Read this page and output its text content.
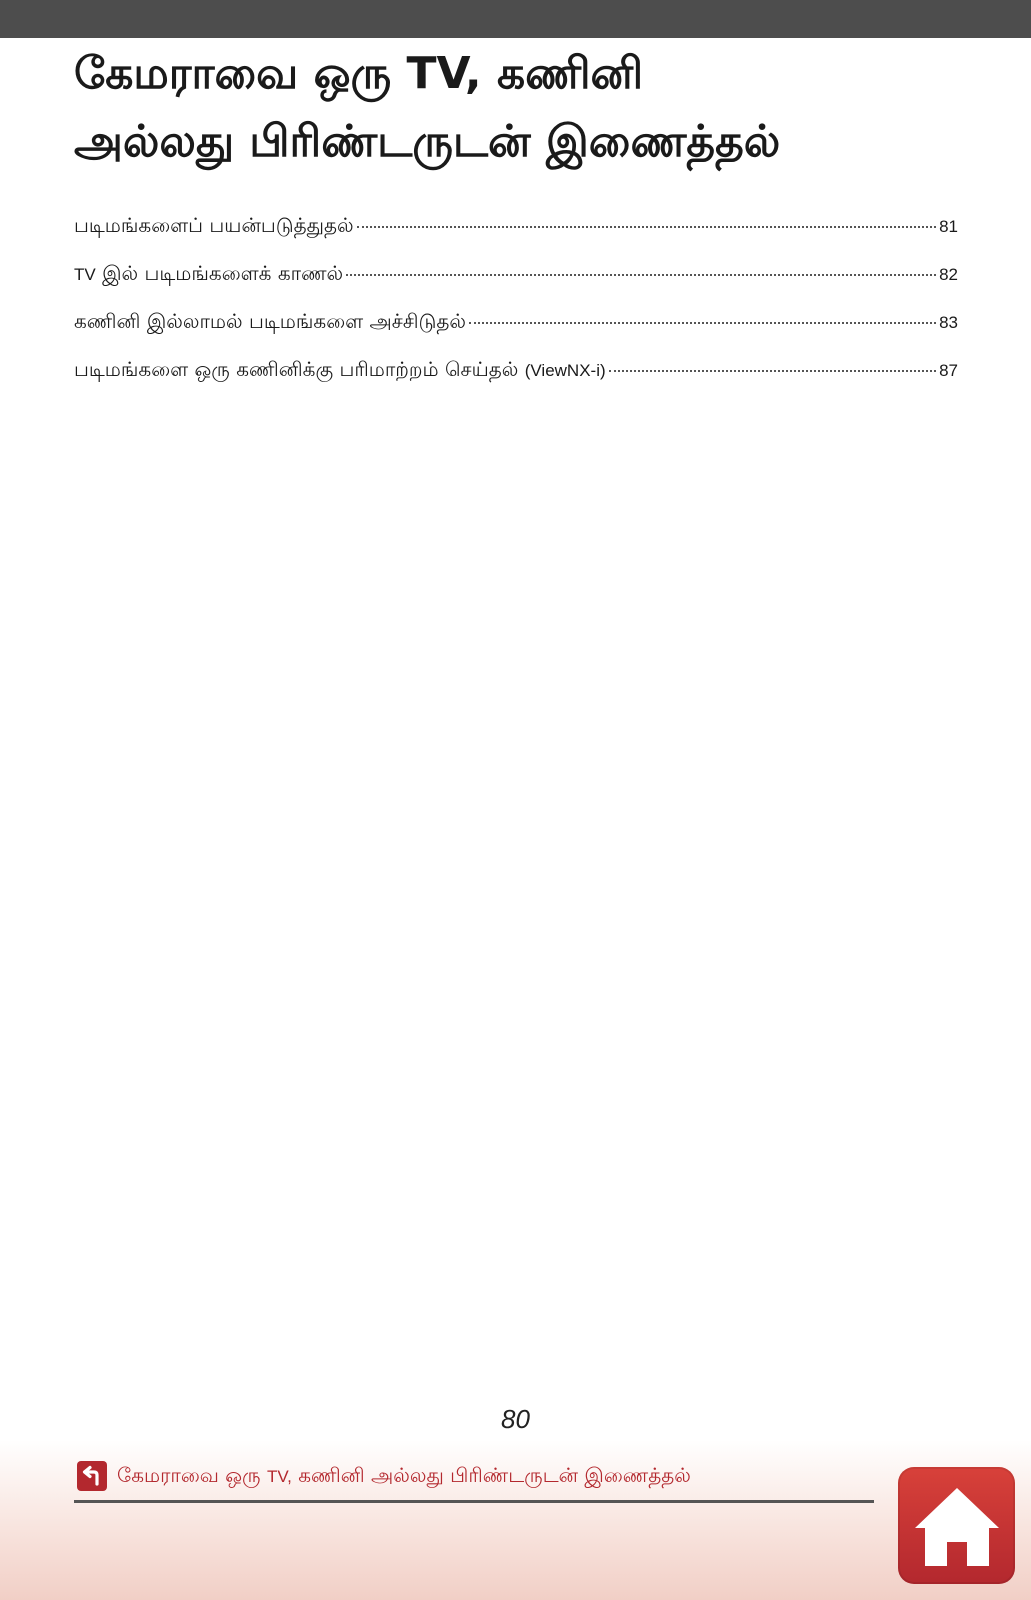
கேமராவை ஒரு TV, கணினி
அல்லது பிரிண்டருடன் இணைத்தல்
படிமங்களைப் பயன்படுத்துதல்	81
TV இல் படிமங்களைக் காணல்	82
கணினி இல்லாமல் படிமங்களை அச்சிடுதல்	83
படிமங்களை ஒரு கணினிக்கு பரிமாற்றம் செய்தல் (ViewNX-i)	87
80
கேமராவை ஒரு TV, கணினி அல்லது பிரிண்டருடன் இணைத்தல்
